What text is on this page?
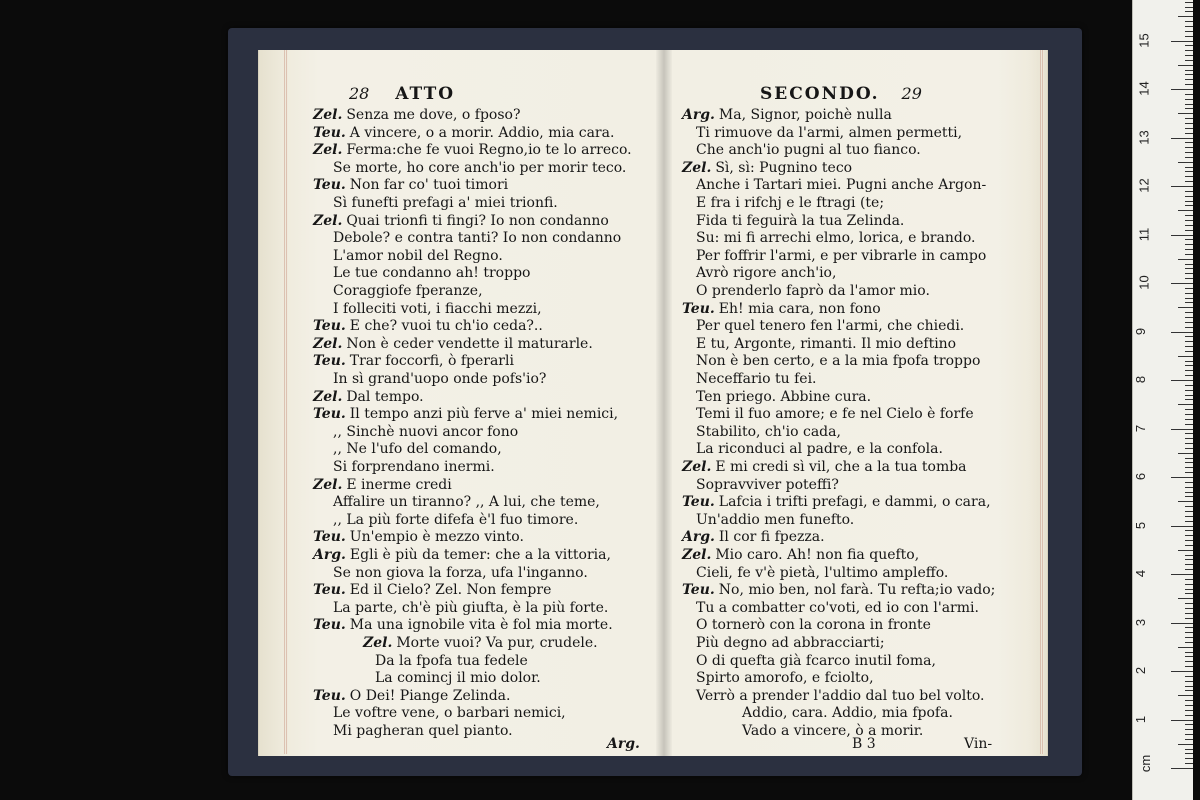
28 ATTO
Zel. Senza me dove, o fposo?
Teu. A vincere, o a morir. Addio, mia cara.
Zel. Ferma:che fe vuoi Regno,io te lo arreco.
Se morte, ho core anch'io per morir teco.
Teu. Non far co' tuoi timori
Sì funefti prefagi a' miei trionfi.
Zel. Quai trionfi ti fingi? Io non condanno
Debole? e contra tanti? Io non condanno
L'amor nobil del Regno.
Le tue condanno ah! troppo
Coraggiofe fperanze,
I folleciti voti, i fiacchi mezzi,
Teu. E che? vuoi tu ch'io ceda?..
Zel. Non è ceder vendette il maturarle.
Teu. Trar foccorfi, ò fperarli
In sì grand'uopo onde pofs'io?
Zel. Dal tempo.
Teu. Il tempo anzi più ferve a' miei nemici,
,, Sinchè nuovi ancor fono
,, Ne l'ufo del comando,
Si forprendano inermi.
Zel. E inerme credi
Affalire un tiranno? ,, A lui, che teme,
,, La più forte difefa è'l fuo timore.
Teu. Un'empio è mezzo vinto.
Arg. Egli è più da temer: che a la vittoria,
Se non giova la forza, ufa l'inganno.
Teu. Ed il Cielo? Zel. Non fempre
La parte, ch'è più giufta, è la più forte.
Teu. Ma una ignobile vita è fol mia morte.
Zel. Morte vuoi? Va pur, crudele.
Da la fpofa tua fedele
La comincj il mio dolor.
Teu. O Dei! Piange Zelinda.
Le voftre vene, o barbari nemici,
Mi pagheran quel pianto.
Arg.
SECONDO. 29
Arg. Ma, Signor, poichè nulla
Ti rimuove da l'armi, almen permetti,
Che anch'io pugni al tuo fianco.
Zel. Sì, sì: Pugnino teco
Anche i Tartari miei. Pugni anche Argon-
E fra i rifchj e le ftragi (te;
Fida ti feguirà la tua Zelinda.
Su: mi fi arrechi elmo, lorica, e brando.
Per foffrir l'armi, e per vibrarle in campo
Avrò rigore anch'io,
O prenderlo faprò da l'amor mio.
Teu. Eh! mia cara, non fono
Per quel tenero fen l'armi, che chiedi.
E tu, Argonte, rimanti. Il mio deftino
Non è ben certo, e a la mia fpofa troppo
Neceffario tu fei.
Ten priego. Abbine cura.
Temi il fuo amore; e fe nel Cielo è forfe
Stabilito, ch'io cada,
La riconduci al padre, e la confola.
Zel. E mi credi sì vil, che a la tua tomba
Sopravviver poteffi?
Teu. Lafcia i trifti prefagi, e dammi, o cara,
Un'addio men funefto.
Arg. Il cor fi fpezza.
Zel. Mio caro. Ah! non fia quefto,
Cieli, fe v'è pietà, l'ultimo ampleffo.
Teu. No, mio ben, nol farà. Tu refta;io vado;
Tu a combatter co'voti, ed io con l'armi.
O tornerò con la corona in fronte
Più degno ad abbracciarti;
O di quefta già fcarco inutil foma,
Spirto amorofo, e fciolto,
Verrò a prender l'addio dal tuo bel volto.
Addio, cara. Addio, mia fpofa.
Vado a vincere, ò a morir.
B 3	Vin-
cm
1
2
3
4
5
6
7
8
9
10
11
12
13
14
15
